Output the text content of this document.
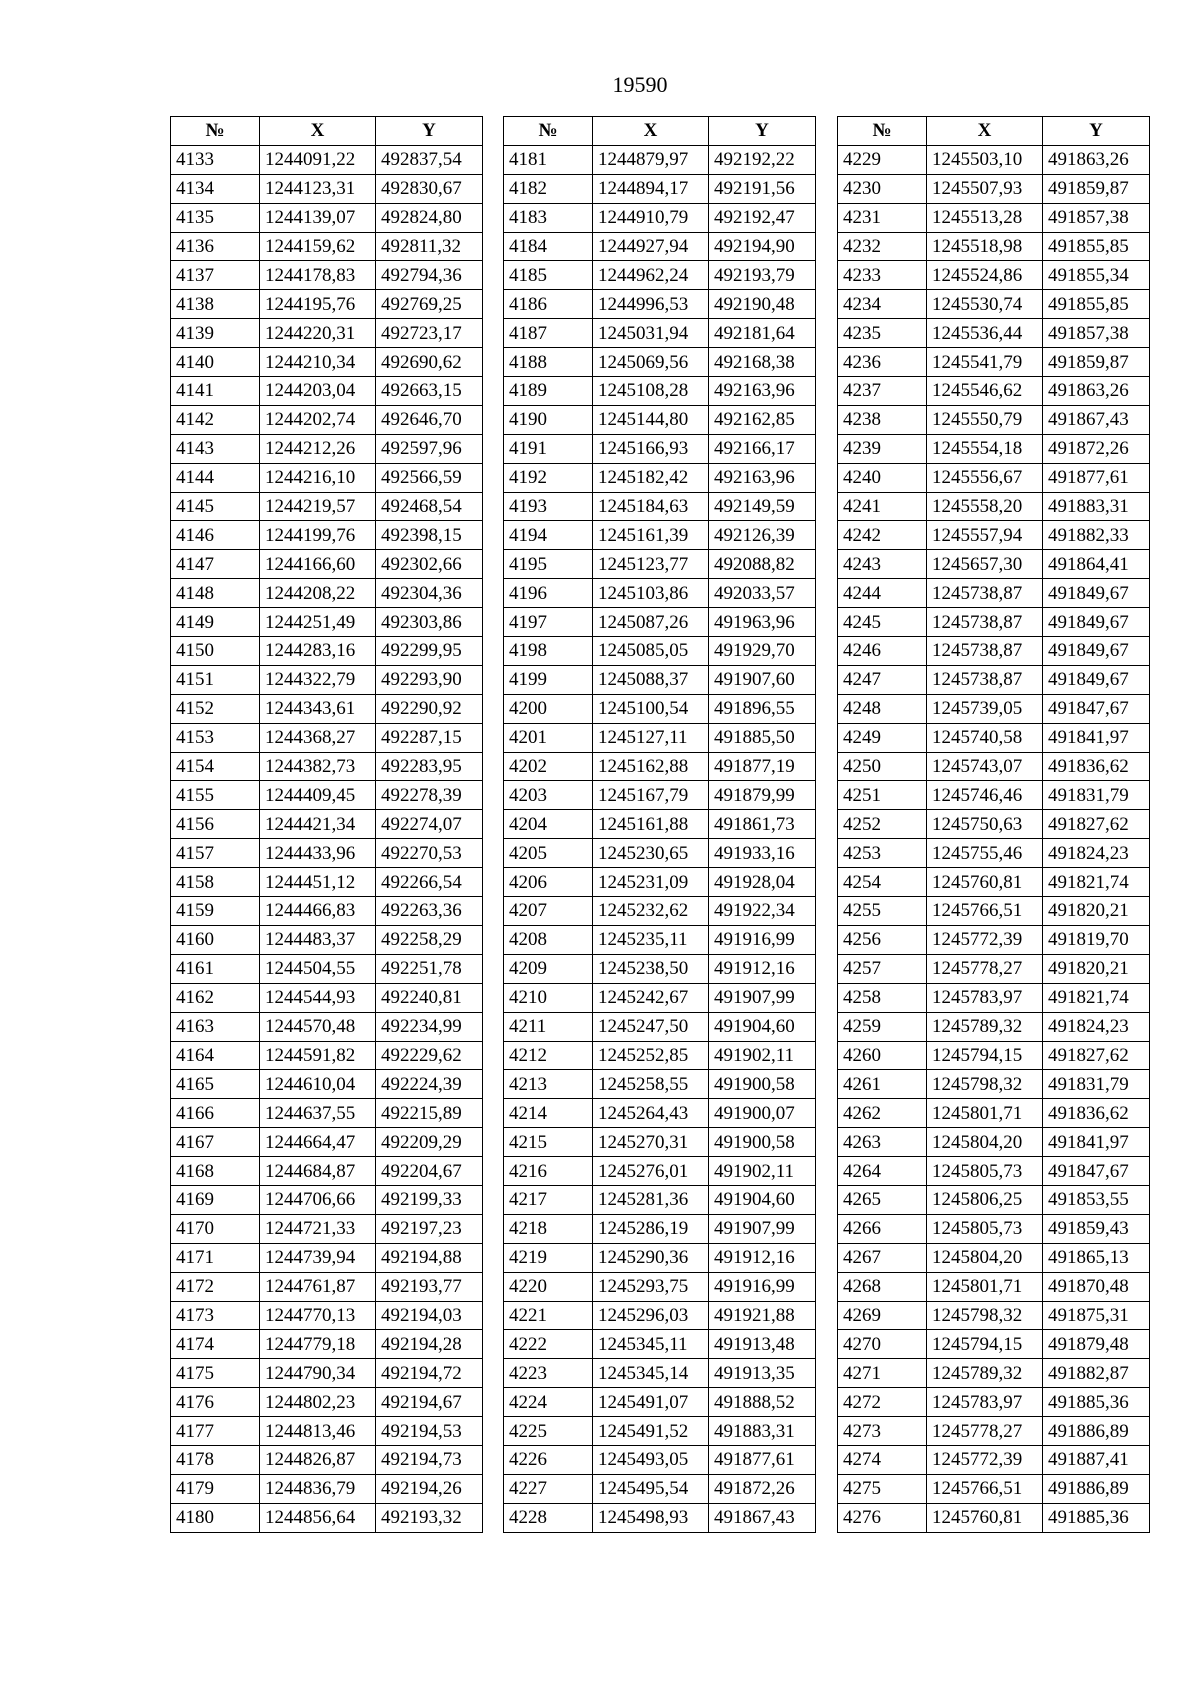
19590
№	X	Y
4133	1244091,22	492837,54
4134	1244123,31	492830,67
4135	1244139,07	492824,80
4136	1244159,62	492811,32
4137	1244178,83	492794,36
4138	1244195,76	492769,25
4139	1244220,31	492723,17
4140	1244210,34	492690,62
4141	1244203,04	492663,15
4142	1244202,74	492646,70
4143	1244212,26	492597,96
4144	1244216,10	492566,59
4145	1244219,57	492468,54
4146	1244199,76	492398,15
4147	1244166,60	492302,66
4148	1244208,22	492304,36
4149	1244251,49	492303,86
4150	1244283,16	492299,95
4151	1244322,79	492293,90
4152	1244343,61	492290,92
4153	1244368,27	492287,15
4154	1244382,73	492283,95
4155	1244409,45	492278,39
4156	1244421,34	492274,07
4157	1244433,96	492270,53
4158	1244451,12	492266,54
4159	1244466,83	492263,36
4160	1244483,37	492258,29
4161	1244504,55	492251,78
4162	1244544,93	492240,81
4163	1244570,48	492234,99
4164	1244591,82	492229,62
4165	1244610,04	492224,39
4166	1244637,55	492215,89
4167	1244664,47	492209,29
4168	1244684,87	492204,67
4169	1244706,66	492199,33
4170	1244721,33	492197,23
4171	1244739,94	492194,88
4172	1244761,87	492193,77
4173	1244770,13	492194,03
4174	1244779,18	492194,28
4175	1244790,34	492194,72
4176	1244802,23	492194,67
4177	1244813,46	492194,53
4178	1244826,87	492194,73
4179	1244836,79	492194,26
4180	1244856,64	492193,32
№	X	Y
4181	1244879,97	492192,22
4182	1244894,17	492191,56
4183	1244910,79	492192,47
4184	1244927,94	492194,90
4185	1244962,24	492193,79
4186	1244996,53	492190,48
4187	1245031,94	492181,64
4188	1245069,56	492168,38
4189	1245108,28	492163,96
4190	1245144,80	492162,85
4191	1245166,93	492166,17
4192	1245182,42	492163,96
4193	1245184,63	492149,59
4194	1245161,39	492126,39
4195	1245123,77	492088,82
4196	1245103,86	492033,57
4197	1245087,26	491963,96
4198	1245085,05	491929,70
4199	1245088,37	491907,60
4200	1245100,54	491896,55
4201	1245127,11	491885,50
4202	1245162,88	491877,19
4203	1245167,79	491879,99
4204	1245161,88	491861,73
4205	1245230,65	491933,16
4206	1245231,09	491928,04
4207	1245232,62	491922,34
4208	1245235,11	491916,99
4209	1245238,50	491912,16
4210	1245242,67	491907,99
4211	1245247,50	491904,60
4212	1245252,85	491902,11
4213	1245258,55	491900,58
4214	1245264,43	491900,07
4215	1245270,31	491900,58
4216	1245276,01	491902,11
4217	1245281,36	491904,60
4218	1245286,19	491907,99
4219	1245290,36	491912,16
4220	1245293,75	491916,99
4221	1245296,03	491921,88
4222	1245345,11	491913,48
4223	1245345,14	491913,35
4224	1245491,07	491888,52
4225	1245491,52	491883,31
4226	1245493,05	491877,61
4227	1245495,54	491872,26
4228	1245498,93	491867,43
№	X	Y
4229	1245503,10	491863,26
4230	1245507,93	491859,87
4231	1245513,28	491857,38
4232	1245518,98	491855,85
4233	1245524,86	491855,34
4234	1245530,74	491855,85
4235	1245536,44	491857,38
4236	1245541,79	491859,87
4237	1245546,62	491863,26
4238	1245550,79	491867,43
4239	1245554,18	491872,26
4240	1245556,67	491877,61
4241	1245558,20	491883,31
4242	1245557,94	491882,33
4243	1245657,30	491864,41
4244	1245738,87	491849,67
4245	1245738,87	491849,67
4246	1245738,87	491849,67
4247	1245738,87	491849,67
4248	1245739,05	491847,67
4249	1245740,58	491841,97
4250	1245743,07	491836,62
4251	1245746,46	491831,79
4252	1245750,63	491827,62
4253	1245755,46	491824,23
4254	1245760,81	491821,74
4255	1245766,51	491820,21
4256	1245772,39	491819,70
4257	1245778,27	491820,21
4258	1245783,97	491821,74
4259	1245789,32	491824,23
4260	1245794,15	491827,62
4261	1245798,32	491831,79
4262	1245801,71	491836,62
4263	1245804,20	491841,97
4264	1245805,73	491847,67
4265	1245806,25	491853,55
4266	1245805,73	491859,43
4267	1245804,20	491865,13
4268	1245801,71	491870,48
4269	1245798,32	491875,31
4270	1245794,15	491879,48
4271	1245789,32	491882,87
4272	1245783,97	491885,36
4273	1245778,27	491886,89
4274	1245772,39	491887,41
4275	1245766,51	491886,89
4276	1245760,81	491885,36
